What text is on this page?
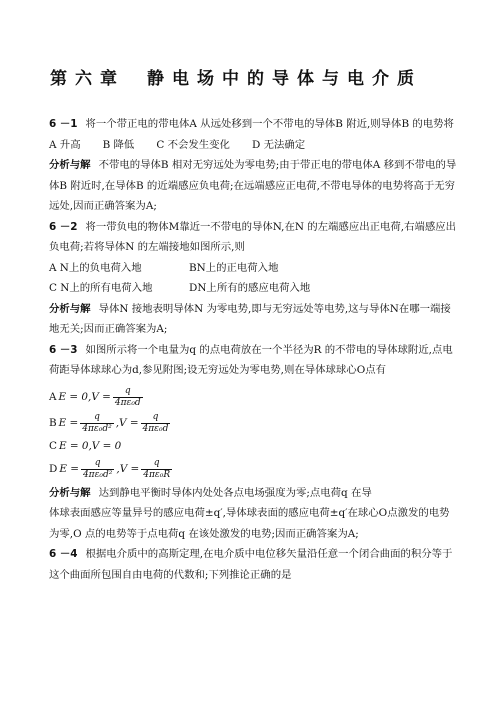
第六章 静电场中的导体与电介质

6 －1 将一个带正电的带电体A 从远处移到一个不带电的导体B 附近,则导体B 的电势将

A 升高 B 降低 C 不会发生变化 D 无法确定

分析与解 不带电的导体B 相对无穷远处为零电势;由于带正电的带电体A 移到不带电的导体B 附近时,在导体B 的近端感应负电荷;在远端感应正电荷,不带电导体的电势将高于无穷远处,因而正确答案为A;

6 －2 将一带负电的物体M靠近一不带电的导体N,在N 的左端感应出正电荷,右端感应出负电荷;若将导体N 的左端接地如图所示,则

A N上的负电荷入地	BN上的正电荷入地
C N上的所有电荷入地	DN上所有的感应电荷入地

分析与解 导体N 接地表明导体N 为零电势,即与无穷远处等电势,这与导体N在哪一端接地无关;因而正确答案为A;

6 －3 如图所示将一个电量为q 的点电荷放在一个半径为R 的不带电的导体球附近,点电荷距导体球球心为d,参见附图;设无穷远处为零电势,则在导体球球心O点有

A $E = 0,V = \frac{q}{\text{4πε₀d}}$
B $E = \frac{q}{\text{4πε₀d²}} ,V = \frac{q}{\text{4πε₀d}}$
C E = 0,V = 0
D $E = \frac{q}{\text{4πε₀d²}} ,V = \frac{q}{\text{4πε₀R}}$

分析与解 达到静电平衡时导体内处处各点电场强度为零;点电荷q 在导

体球表面感应等量异号的感应电荷±q′,导体球表面的感应电荷±q′在球心O点激发的电势为零,O 点的电势等于点电荷q 在该处激发的电势;因而正确答案为A;

6 －4 根据电介质中的高斯定理,在电介质中电位移矢量沿任意一个闭合曲面的积分等于这个曲面所包围自由电荷的代数和;下列推论正确的是
